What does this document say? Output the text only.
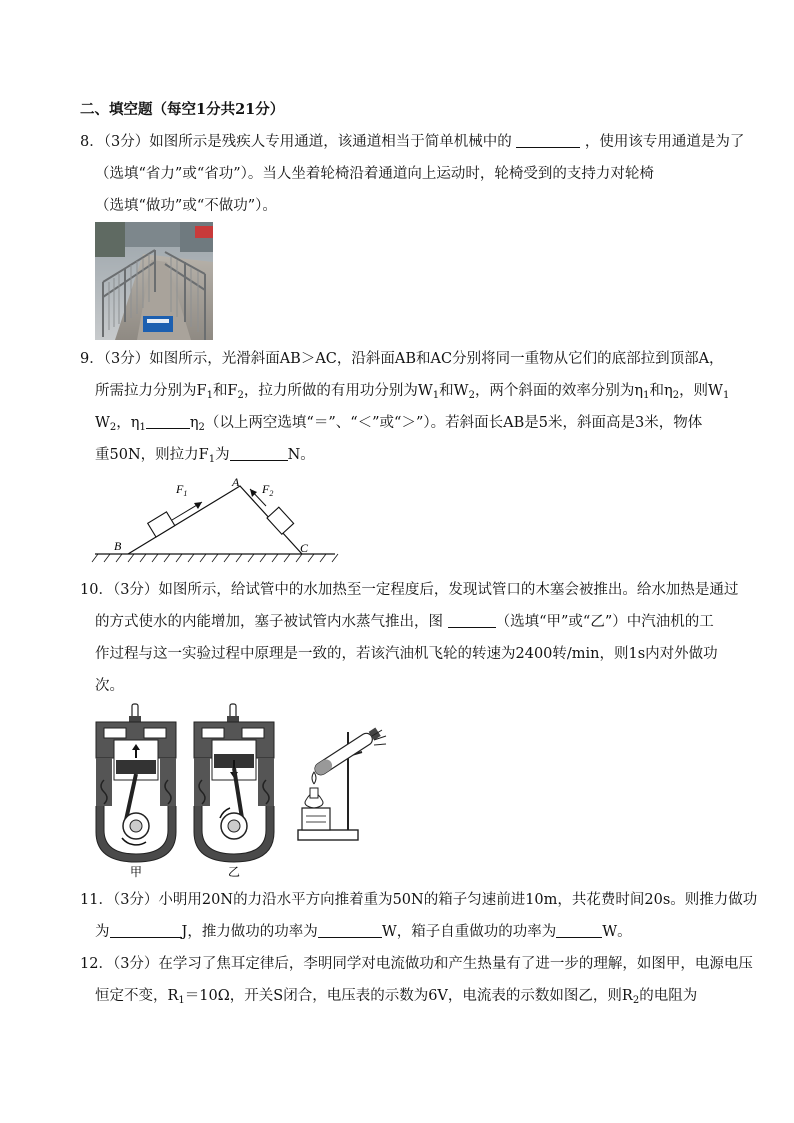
二、填空题（每空1分共21分）
8．（3分）如图所示是残疾人专用通道，该通道相当于简单机械中的	，使用该专用通道是为了
（选填“省力”或“省功”）。当人坐着轮椅沿着通道向上运动时，轮椅受到的支持力对轮椅
（选填“做功”或“不做功”）。
9．（3分）如图所示，光滑斜面AB＞AC，沿斜面AB和AC分别将同一重物从它们的底部拉到顶部A，
所需拉力分别为$F_1$和$F_2$，拉力所做的有用功分别为$W_1$和$W_2$，两个斜面的效率分别为$\eta_1$和$\eta_2$，则$W_1$
$W_2$，$\eta_1$	$\eta_2$（以上两空选填“＝”、“＜”或“＞”）。若斜面长AB是5米，斜面高是3米，物体
重50N，则拉力$F_1$为	N。
$F_1$	$F_2$
A
B	C
10．（3分）如图所示，给试管中的水加热至一定程度后，发现试管口的木塞会被推出。给水加热是通过
的方式使水的内能增加，塞子被试管内水蒸气推出，图	（选填“甲”或“乙”）中汽油机的工
作过程与这一实验过程中原理是一致的，若该汽油机飞轮的转速为2400转/min，则1s内对外做功
次。
甲	乙
11．（3分）小明用20N的力沿水平方向推着重为50N的箱子匀速前进10m，共花费时间20s。则推力做功
为	J，推力做功的功率为	W，箱子自重做功的功率为	W。
12．（3分）在学习了焦耳定律后，李明同学对电流做功和产生热量有了进一步的理解，如图甲，电源电压
恒定不变，$R_1=10\Omega$，开关S闭合，电压表的示数为6V，电流表的示数如图乙，则$R_2$的电阻为
